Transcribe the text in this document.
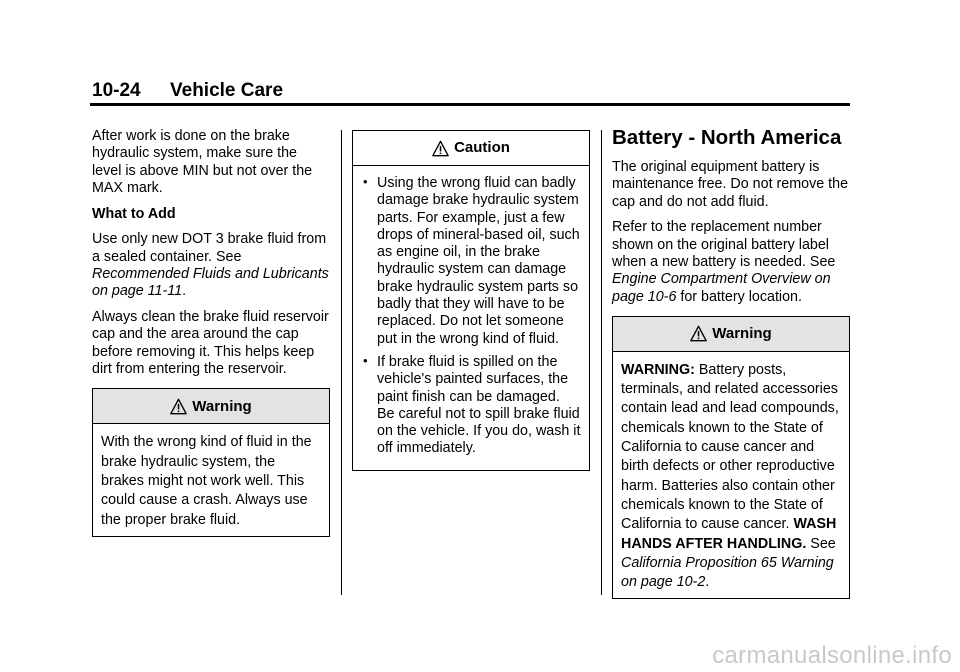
10-24 Vehicle Care

After work is done on the brake hydraulic system, make sure the level is above MIN but not over the MAX mark.

What to Add

Use only new DOT 3 brake fluid from a sealed container. See Recommended Fluids and Lubricants on page 11-11.

Always clean the brake fluid reservoir cap and the area around the cap before removing it. This helps keep dirt from entering the reservoir.

Warning
With the wrong kind of fluid in the brake hydraulic system, the brakes might not work well. This could cause a crash. Always use the proper brake fluid.
Caution
• Using the wrong fluid can badly damage brake hydraulic system parts. For example, just a few drops of mineral-based oil, such as engine oil, in the brake hydraulic system can damage brake hydraulic system parts so badly that they will have to be replaced. Do not let someone put in the wrong kind of fluid.
• If brake fluid is spilled on the vehicle's painted surfaces, the paint finish can be damaged. Be careful not to spill brake fluid on the vehicle. If you do, wash it off immediately.
Battery - North America

The original equipment battery is maintenance free. Do not remove the cap and do not add fluid.

Refer to the replacement number shown on the original battery label when a new battery is needed. See Engine Compartment Overview on page 10-6 for battery location.

Warning
WARNING: Battery posts, terminals, and related accessories contain lead and lead compounds, chemicals known to the State of California to cause cancer and birth defects or other reproductive harm. Batteries also contain other chemicals known to the State of California to cause cancer. WASH HANDS AFTER HANDLING. See California Proposition 65 Warning on page 10-2.
carmanualsonline.info
